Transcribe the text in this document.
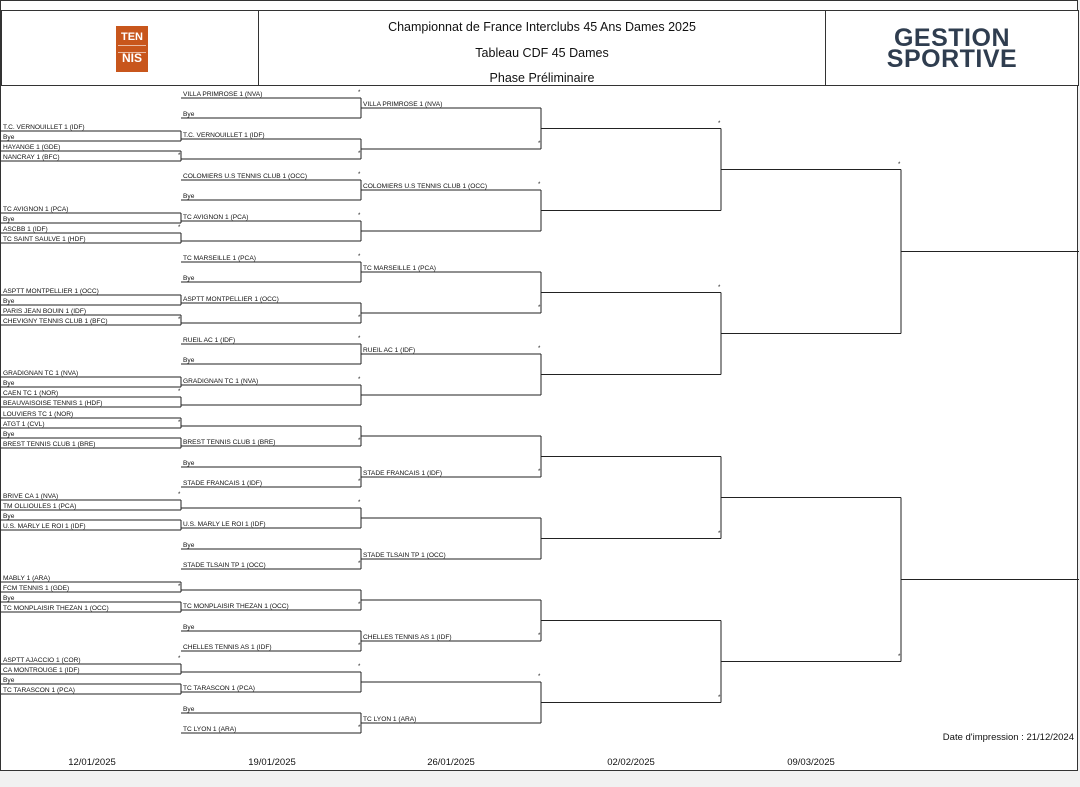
TEN
NIS
Championnat de France Interclubs 45 Ans Dames 2025
Tableau CDF 45 Dames
Phase Préliminaire
GESTION
SPORTIVE
T.C. VERNOUILLET 1 (IDF)
Bye
HAYANGE 1 (GDE)
NANCRAY 1 (BFC)	*
TC AVIGNON 1 (PCA)
Bye
ASCBB 1 (IDF)	*
TC SAINT SAULVE 1 (HDF)
ASPTT MONTPELLIER 1 (OCC)
Bye
PARIS JEAN BOUIN 1 (IDF)
CHEVIGNY TENNIS CLUB 1 (BFC)	*
GRADIGNAN TC 1 (NVA)
Bye
CAEN TC 1 (NOR)	*
BEAUVAISOISE TENNIS 1 (HDF)
LOUVIERS TC 1 (NOR)
ATGT 1 (CVL)	*
Bye
BREST TENNIS CLUB 1 (BRE)
BRIVE CA 1 (NVA)	*
TM OLLIOULES 1 (PCA)
Bye
U.S. MARLY LE ROI 1 (IDF)
MABLY 1 (ARA)
FCM TENNIS 1 (GDE)	*
Bye
TC MONPLAISIR THEZAN 1 (OCC)
ASPTT AJACCIO 1 (COR)	*
CA MONTROUGE 1 (IDF)
Bye
TC TARASCON 1 (PCA)
VILLA PRIMROSE 1 (NVA)	*
Bye
T.C. VERNOUILLET 1 (IDF)
*
COLOMIERS U.S TENNIS CLUB 1 (OCC)	*
Bye
TC AVIGNON 1 (PCA)	*
TC MARSEILLE 1 (PCA)	*
Bye
ASPTT MONTPELLIER 1 (OCC)
*
RUEIL AC 1 (IDF)	*
Bye
GRADIGNAN TC 1 (NVA)	*
BREST TENNIS CLUB 1 (BRE)	*
Bye
STADE FRANCAIS 1 (IDF)	*
*
U.S. MARLY LE ROI 1 (IDF)
Bye
STADE TLSAIN TP 1 (OCC)	*
TC MONPLAISIR THEZAN 1 (OCC)	*
Bye
CHELLES TENNIS AS 1 (IDF)	*
*
TC TARASCON 1 (PCA)
Bye
TC LYON 1 (ARA)	*
VILLA PRIMROSE 1 (NVA)
*
COLOMIERS U.S TENNIS CLUB 1 (OCC)	*
TC MARSEILLE 1 (PCA)
*
RUEIL AC 1 (IDF)	*
STADE FRANCAIS 1 (IDF)	*
STADE TLSAIN TP 1 (OCC)
CHELLES TENNIS AS 1 (IDF)	*
*
TC LYON 1 (ARA)
*
*
*
*
*
*
Date d'impression : 21/12/2024
12/01/2025	19/01/2025	26/01/2025	02/02/2025	09/03/2025
